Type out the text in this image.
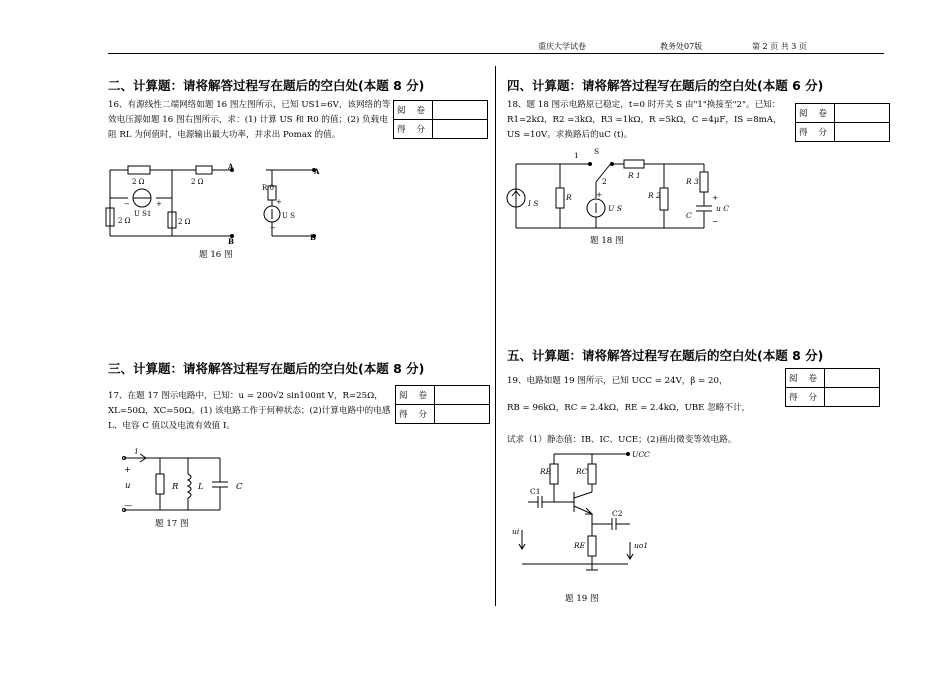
重庆大学试卷	教务处07版	第 2 页 共 3 页
二、计算题：请将解答过程写在题后的空白处(本题 8 分)
16、有源线性二端网络如题 16 图左图所示，已知 US1=6V，该网络的等效电压源如题 16 图右图所示，求：(1) 计算 US 和 R0 的值；(2) 负载电阻 RL 为何值时，电源输出最大功率，并求出 Pomax 的值。
阅 卷	
得 分	
2 Ω	2 Ω
2 Ω	2 Ω
U S1
−	+
A
B
R 0
+
U S
−
A
B
题 16 图
三、计算题：请将解答过程写在题后的空白处(本题 8 分)
17、在题 17 图示电路中，已知：u = 200√2 sin100πt V，R=25Ω，XL=50Ω，XC=50Ω。(1) 该电路工作于何种状态；(2)计算电路中的电感 L、电容 C 值以及电流有效值 I。
阅 卷	
得 分	
i
+
u
—
R L	C
题 17 图
四、计算题：请将解答过程写在题后的空白处(本题 6 分)
18、题 18 图示电路原已稳定，t=0 时开关 S 由"1"换接至"2"。已知：R1=2kΩ，R2 =3kΩ，R3 =1kΩ，R =5kΩ，C =4μF，IS =8mA，US =10V。求换路后的uC (t)。
阅 卷	
得 分	
1 S
2
R 1
R 2
R 3
R
I S
+
U S
C
+
u C
−
题 18 图
五、计算题：请将解答过程写在题后的空白处(本题 8 分)
19、电路如题 19 图所示，已知 UCC = 24V，β = 20，
RB = 96kΩ，RC = 2.4kΩ，RE = 2.4kΩ，UBE 忽略不计，
试求（1）静态值：IB、IC、UCE；(2)画出微变等效电路。
阅 卷	
得 分	
UCC
RB	RC
C1
C2
RE
ui
uo1
题 19 图
